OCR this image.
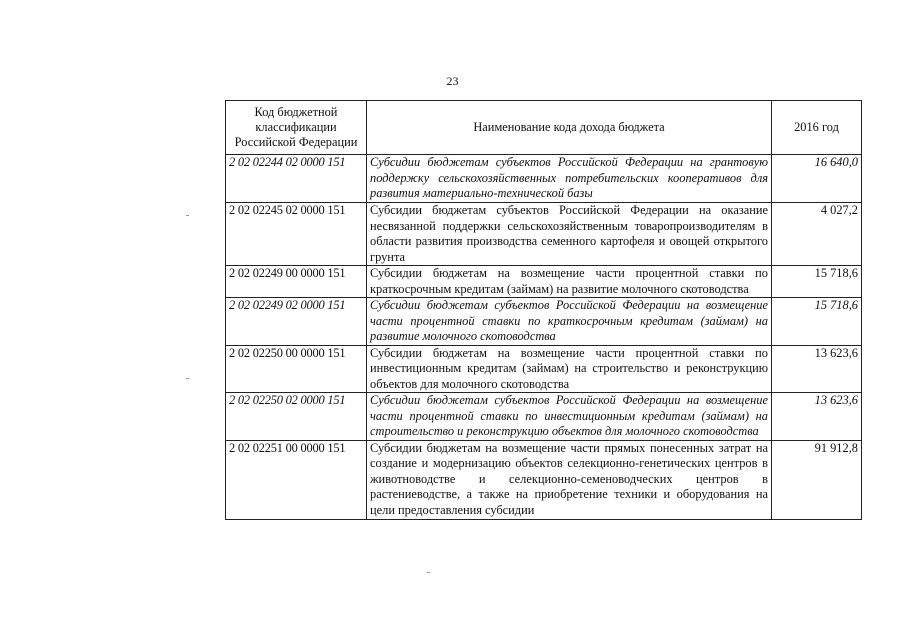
23
Код бюджетной классификации Российской Федерации	Наименование кода дохода бюджета	2016 год
2 02 02244 02 0000 151	Субсидии бюджетам субъектов Российской Федерации на грантовую поддержку сельскохозяйственных потребительских кооперативов для развития материально-технической базы	16 640,0
2 02 02245 02 0000 151	Субсидии бюджетам субъектов Российской Федерации на оказание несвязанной поддержки сельскохозяйственным товаропроизводителям в области развития производства семенного картофеля и овощей открытого грунта	4 027,2
2 02 02249 00 0000 151	Субсидии бюджетам на возмещение части процентной ставки по краткосрочным кредитам (займам) на развитие молочного скотоводства	15 718,6
2 02 02249 02 0000 151	Субсидии бюджетам субъектов Российской Федерации на возмещение части процентной ставки по краткосрочным кредитам (займам) на развитие молочного скотоводства	15 718,6
2 02 02250 00 0000 151	Субсидии бюджетам на возмещение части процентной ставки по инвестиционным кредитам (займам) на строительство и реконструкцию объектов для молочного скотоводства	13 623,6
2 02 02250 02 0000 151	Субсидии бюджетам субъектов Российской Федерации на возмещение части процентной ставки по инвестиционным кредитам (займам) на строительство и реконструкцию объектов для молочного скотоводства	13 623,6
2 02 02251 00 0000 151	Субсидии бюджетам на возмещение части прямых понесенных затрат на создание и модернизацию объектов селекционно-генетических центров в животноводстве и селекционно-семеноводческих центров в растениеводстве, а также на приобретение техники и оборудования на цели предоставления субсидии	91 912,8
